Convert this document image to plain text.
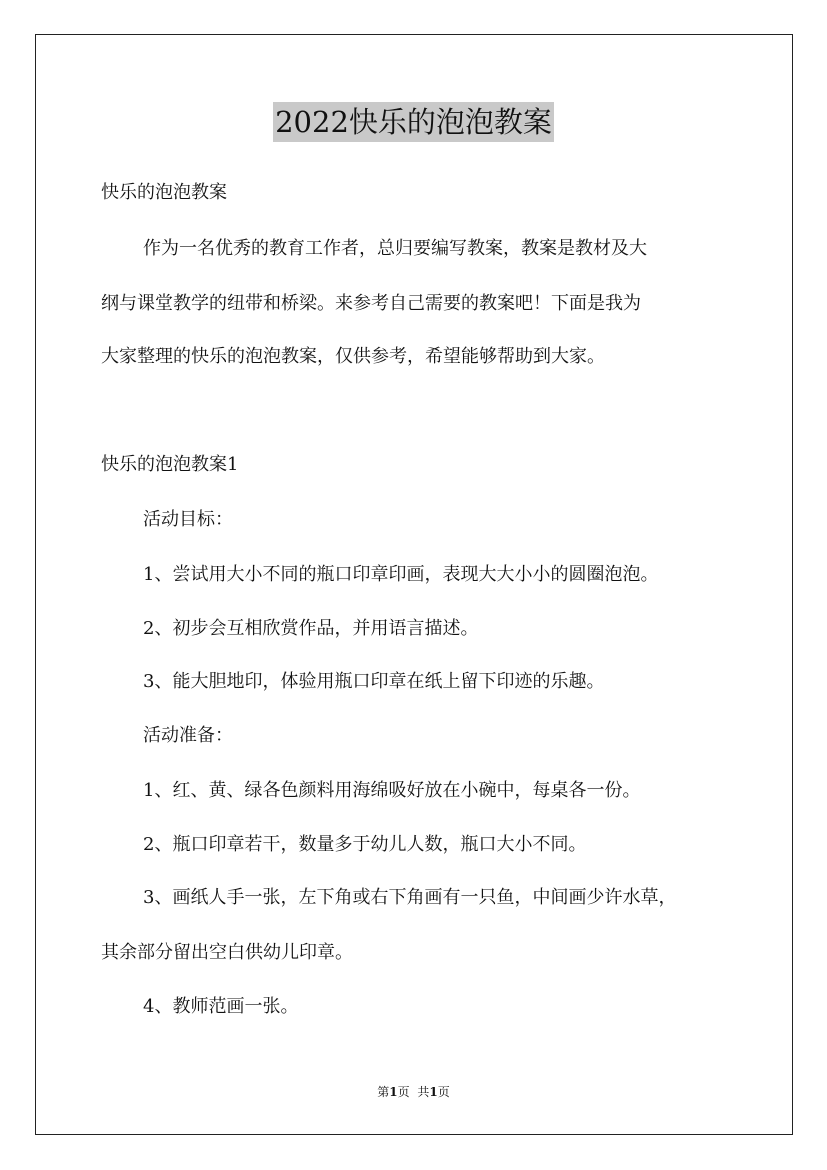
2022快乐的泡泡教案
快乐的泡泡教案
作为一名优秀的教育工作者，总归要编写教案，教案是教材及大
纲与课堂教学的纽带和桥梁。来参考自己需要的教案吧！下面是我为
大家整理的快乐的泡泡教案，仅供参考，希望能够帮助到大家。
快乐的泡泡教案1
活动目标：
1、尝试用大小不同的瓶口印章印画，表现大大小小的圆圈泡泡。
2、初步会互相欣赏作品，并用语言描述。
3、能大胆地印，体验用瓶口印章在纸上留下印迹的乐趣。
活动准备：
1、红、黄、绿各色颜料用海绵吸好放在小碗中，每桌各一份。
2、瓶口印章若干，数量多于幼儿人数，瓶口大小不同。
3、画纸人手一张，左下角或右下角画有一只鱼，中间画少许水草，
其余部分留出空白供幼儿印章。
4、教师范画一张。
第1页 共1页
